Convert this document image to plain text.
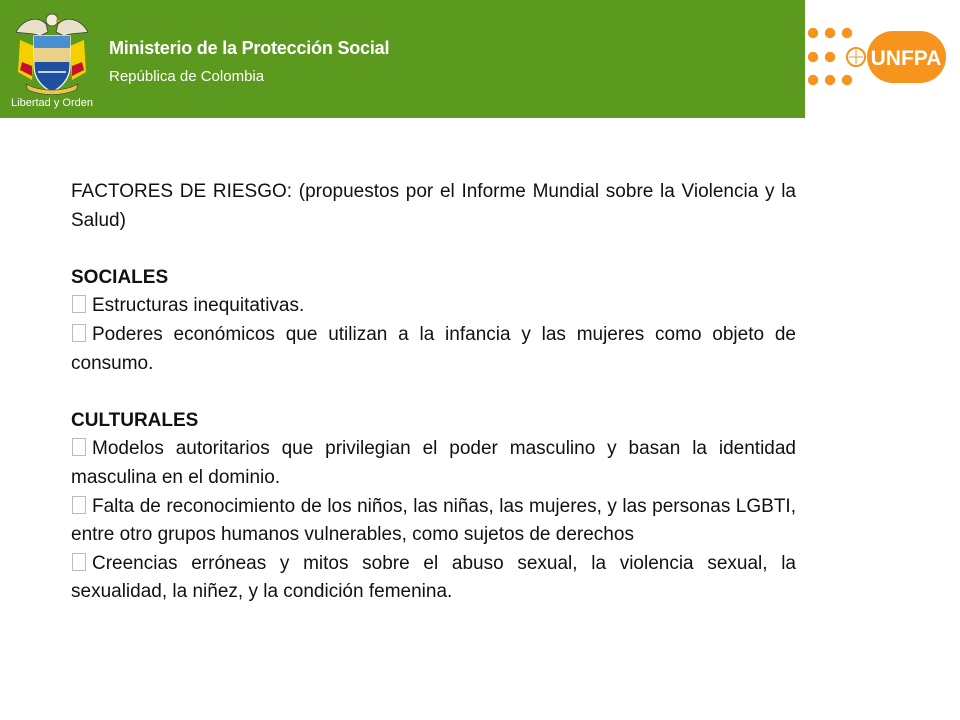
Libertad y Orden
Ministerio de la Protección Social
República de Colombia
UNFPA

FACTORES DE RIESGO: (propuestos por el Informe Mundial sobre la Violencia y la Salud)

SOCIALES

Estructuras inequitativas.

Poderes económicos que utilizan a la infancia y las mujeres como objeto de consumo.

CULTURALES

Modelos autoritarios que privilegian el poder masculino y basan la identidad masculina en el dominio.

Falta de reconocimiento de los niños, las niñas, las mujeres, y las personas LGBTI, entre otro grupos humanos vulnerables, como sujetos de derechos

Creencias erróneas y mitos sobre el abuso sexual, la violencia sexual, la sexualidad, la niñez, y la condición femenina.
